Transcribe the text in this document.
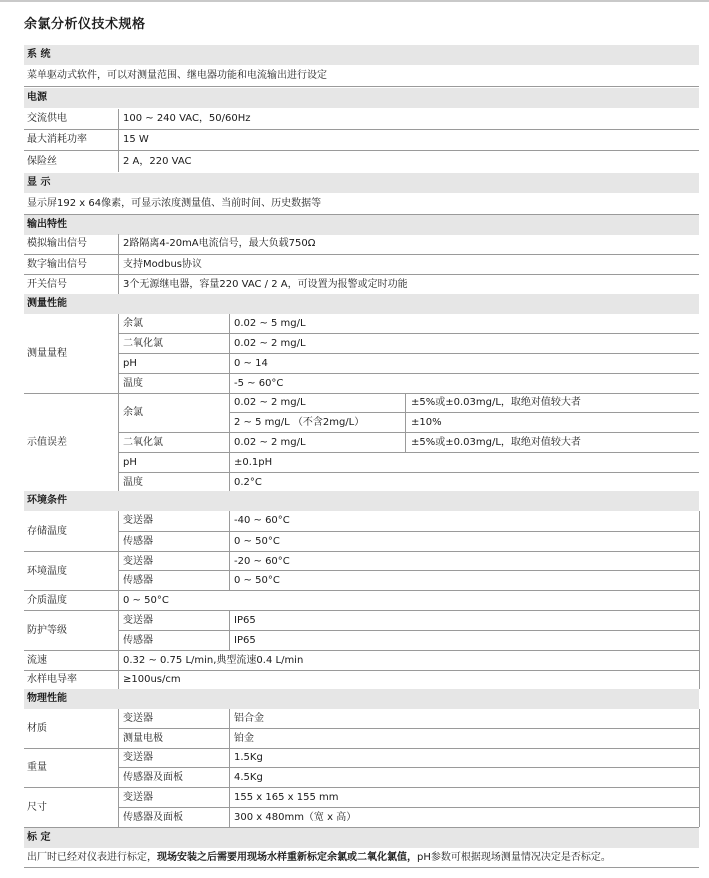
余氯分析仪技术规格
系 统
菜单驱动式软件，可以对测量范围、继电器功能和电流输出进行设定
电源
交流供电	100 ~ 240 VAC，50/60Hz
最大消耗功率	15 W
保险丝	2 A，220 VAC
显 示
显示屏192 x 64像素，可显示浓度测量值、当前时间、历史数据等
输出特性
模拟输出信号	2路隔离4-20mA电流信号，最大负载750Ω
数字输出信号	支持Modbus协议
开关信号	3个无源继电器，容量220 VAC / 2 A，可设置为报警或定时功能
测量性能
测量量程
余氯	0.02 ~ 5 mg/L
二氧化氯	0.02 ~ 2 mg/L
pH	0 ~ 14
温度	-5 ~ 60°C
示值误差
余氯
0.02 ~ 2 mg/L	±5%或±0.03mg/L，取绝对值较大者
2 ~ 5 mg/L （不含2mg/L）	±10%
二氧化氯	0.02 ~ 2 mg/L	±5%或±0.03mg/L，取绝对值较大者
pH	±0.1pH
温度	0.2°C
环境条件
存储温度
变送器	-40 ~ 60°C
传感器	0 ~ 50°C
环境温度
变送器	-20 ~ 60°C
传感器	0 ~ 50°C
介质温度	0 ~ 50°C
防护等级
变送器	IP65
传感器	IP65
流速	0.32 ~ 0.75 L/min,典型流速0.4 L/min
水样电导率	≥100us/cm
物理性能
材质
变送器	铝合金
测量电极	铂金
重量
变送器	1.5Kg
传感器及面板	4.5Kg
尺寸
变送器	155 x 165 x 155 mm
传感器及面板	300 x 480mm（宽 x 高）
标 定
出厂时已经对仪表进行标定，现场安装之后需要用现场水样重新标定余氯或二氧化氯值，pH参数可根据现场测量情况决定是否标定。
